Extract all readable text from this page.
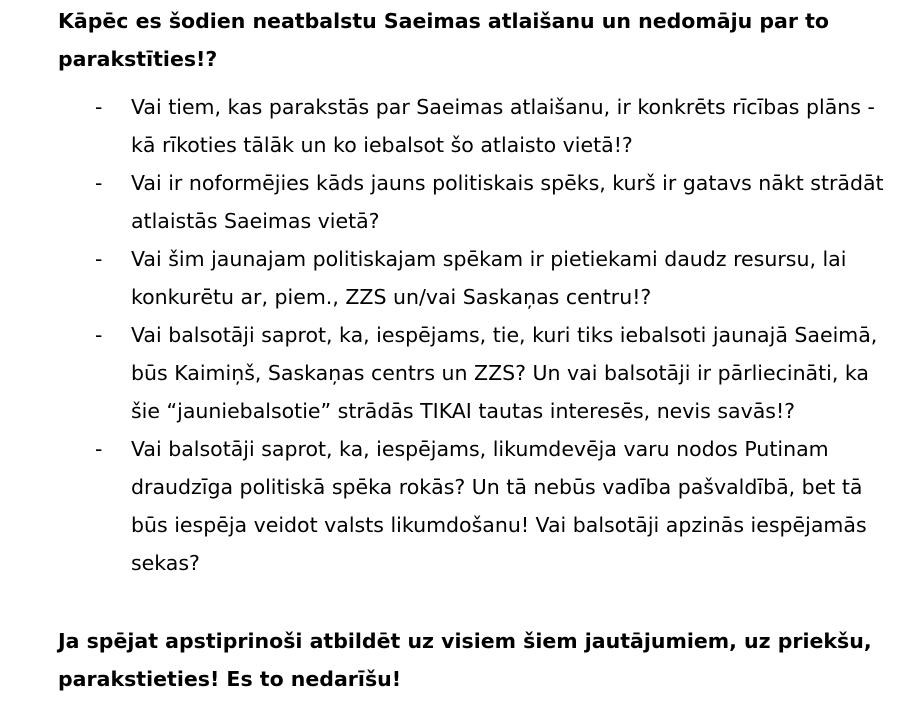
Kāpēc es šodien neatbalstu Saeimas atlaišanu un nedomāju par to parakstīties!?

-	Vai tiem, kas parakstās par Saeimas atlaišanu, ir konkrēts rīcības plāns - kā rīkoties tālāk un ko iebalsot šo atlaisto vietā!?
-	Vai ir noformējies kāds jauns politiskais spēks, kurš ir gatavs nākt strādāt atlaistās Saeimas vietā?
-	Vai šim jaunajam politiskajam spēkam ir pietiekami daudz resursu, lai konkurētu ar, piem., ZZS un/vai Saskaņas centru!?
-	Vai balsotāji saprot, ka, iespējams, tie, kuri tiks iebalsoti jaunajā Saeimā, būs Kaimiņš, Saskaņas centrs un ZZS? Un vai balsotāji ir pārliecināti, ka šie “jauniebalsotie” strādās TIKAI tautas interesēs, nevis savās!?
-	Vai balsotāji saprot, ka, iespējams, likumdevēja varu nodos Putinam draudzīga politiskā spēka rokās? Un tā nebūs vadība pašvaldībā, bet tā būs iespēja veidot valsts likumdošanu! Vai balsotāji apzinās iespējamās sekas?

Ja spējat apstiprinoši atbildēt uz visiem šiem jautājumiem, uz priekšu, parakstieties! Es to nedarīšu!
